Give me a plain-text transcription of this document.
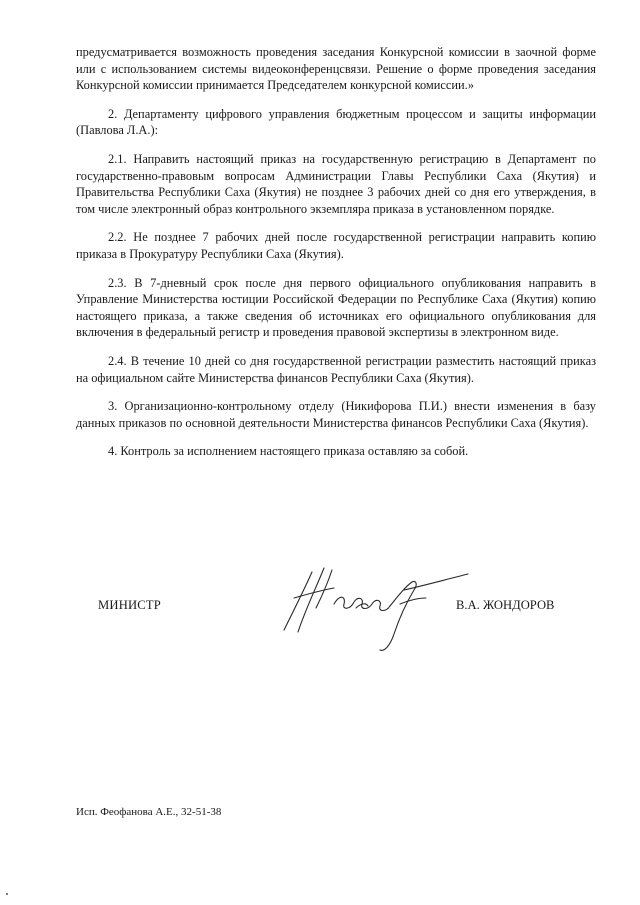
предусматривается возможность проведения заседания Конкурсной комиссии в заочной форме или с использованием системы видеоконференцсвязи. Решение о форме проведения заседания Конкурсной комиссии принимается Председателем конкурсной комиссии.»

2. Департаменту цифрового управления бюджетным процессом и защиты информации (Павлова Л.А.):

2.1. Направить настоящий приказ на государственную регистрацию в Департамент по государственно-правовым вопросам Администрации Главы Республики Саха (Якутия) и Правительства Республики Саха (Якутия) не позднее 3 рабочих дней со дня его утверждения, в том числе электронный образ контрольного экземпляра приказа в установленном порядке.

2.2. Не позднее 7 рабочих дней после государственной регистрации направить копию приказа в Прокуратуру Республики Саха (Якутия).

2.3. В 7-дневный срок после дня первого официального опубликования направить в Управление Министерства юстиции Российской Федерации по Республике Саха (Якутия) копию настоящего приказа, а также сведения об источниках его официального опубликования для включения в федеральный регистр и проведения правовой экспертизы в электронном виде.

2.4. В течение 10 дней со дня государственной регистрации разместить настоящий приказ на официальном сайте Министерства финансов Республики Саха (Якутия).

3. Организационно-контрольному отделу (Никифорова П.И.) внести изменения в базу данных приказов по основной деятельности Министерства финансов Республики Саха (Якутия).

4. Контроль за исполнением настоящего приказа оставляю за собой.

МИНИСТР	В.А. ЖОНДОРОВ
Исп. Феофанова А.Е., 32-51-38
